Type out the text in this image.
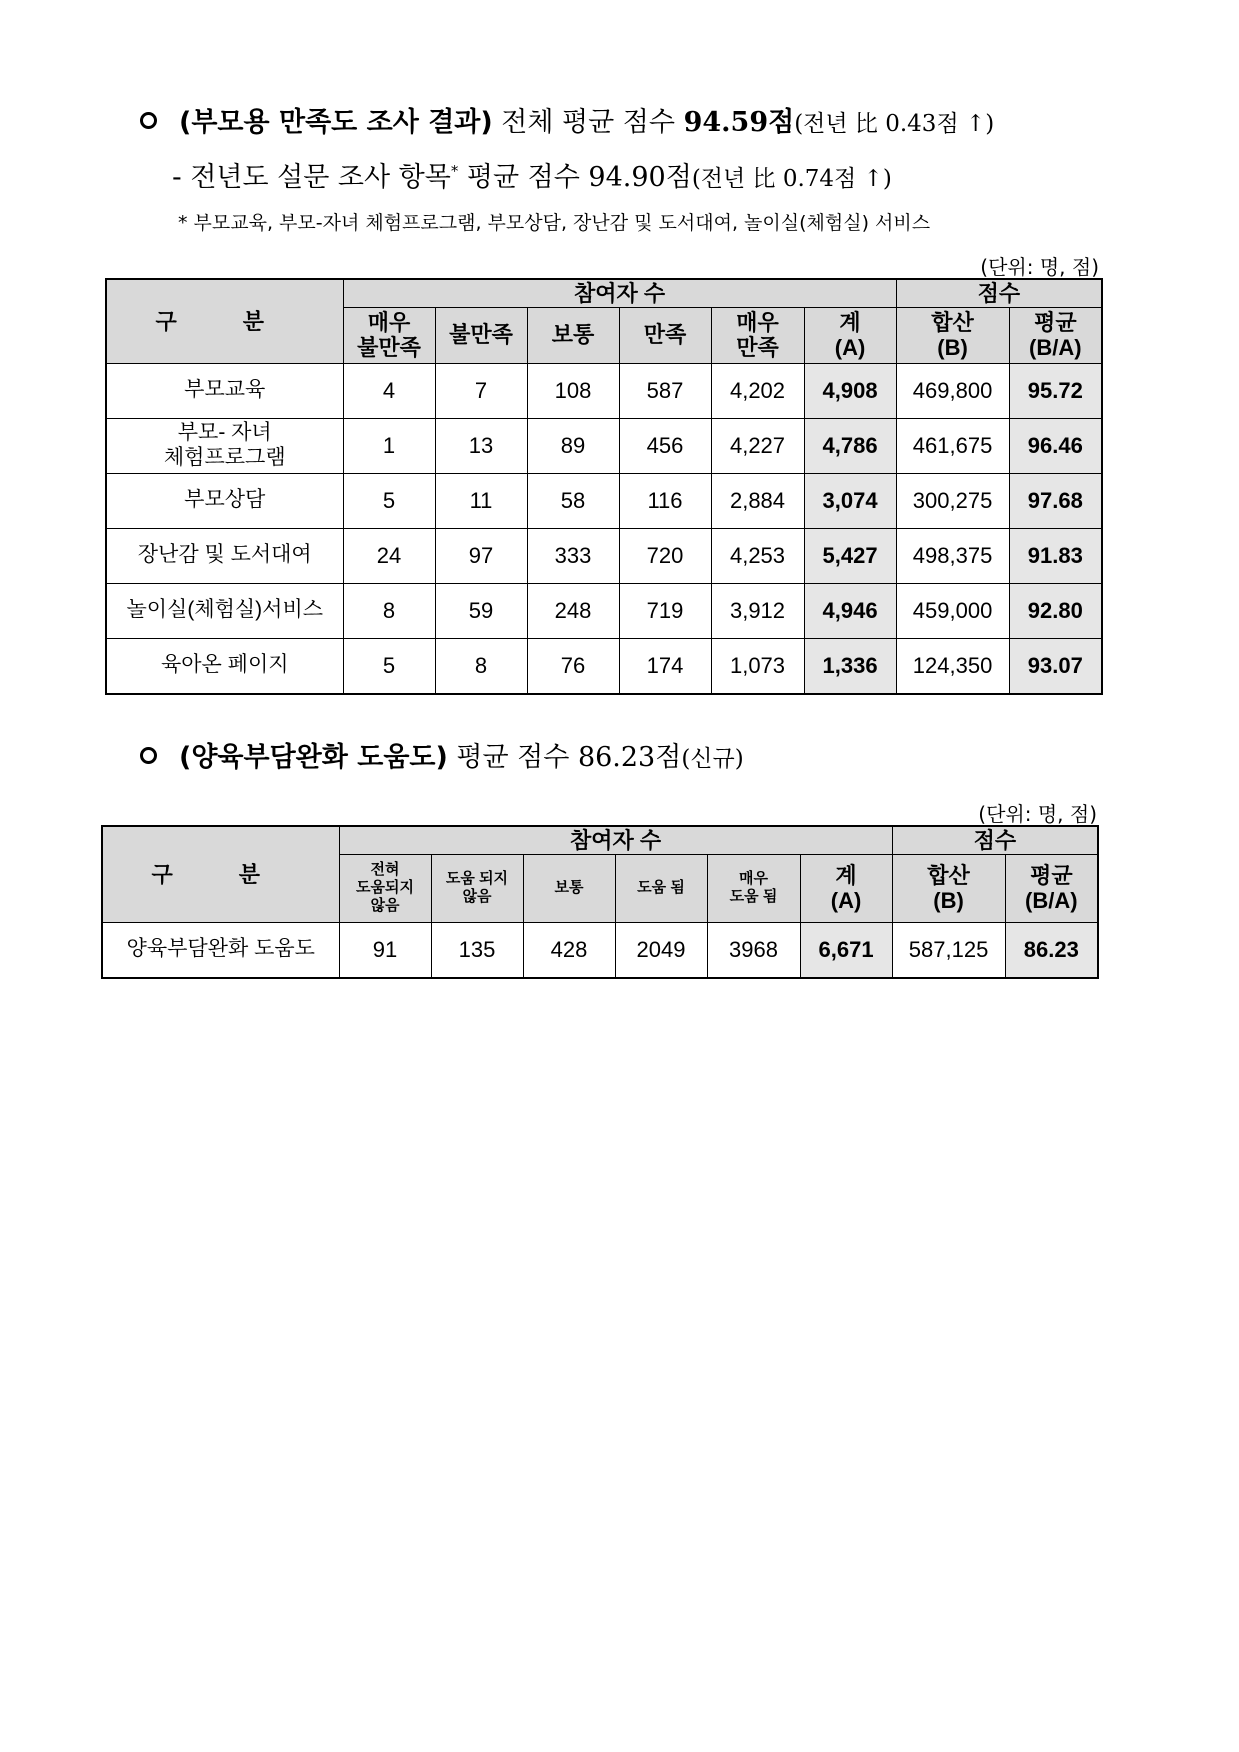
(부모용 만족도 조사 결과) 전체 평균 점수 94.59점(전년 比 0.43점 ↑)
- 전년도 설문 조사 항목* 평균 점수 94.90점(전년 比 0.74점 ↑)
* 부모교육, 부모-자녀 체험프로그램, 부모상담, 장난감 및 도서대여, 놀이실(체험실) 서비스
(단위: 명, 점)
구 분	참여자 수						점수	
	매우
불만족	불만족	보통	만족	매우
만족	계
(A)	합산
(B)	평균
(B/A)
부모교육	4	7	108	587	4,202	4,908	469,800	95.72
부모- 자녀
체험프로그램	1	13	89	456	4,227	4,786	461,675	96.46
부모상담	5	11	58	116	2,884	3,074	300,275	97.68
장난감 및 도서대여	24	97	333	720	4,253	5,427	498,375	91.83
놀이실(체험실)서비스	8	59	248	719	3,912	4,946	459,000	92.80
육아온 페이지	5	8	76	174	1,073	1,336	124,350	93.07
(양육부담완화 도움도) 평균 점수 86.23점(신규)
(단위: 명, 점)
구 분	참여자 수						점수	
	전혀
도움되지
않음	도움 되지
않음	보통	도움 됨	매우
도움 됨	계
(A)	합산
(B)	평균
(B/A)
양육부담완화 도움도	91	135	428	2049	3968	6,671	587,125	86.23
